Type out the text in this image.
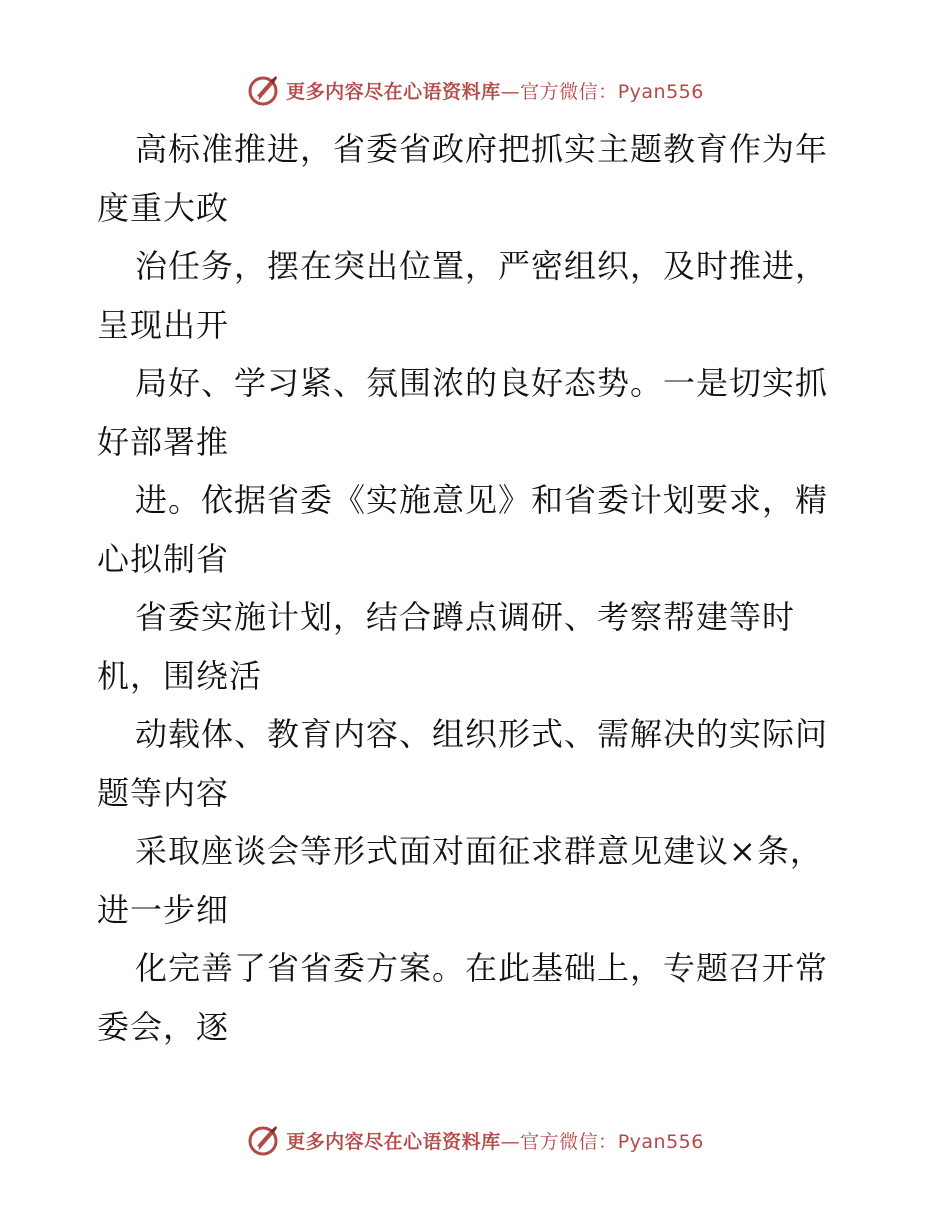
更多内容尽在心语资料库—官方微信：Pyan556
高标准推进，省委省政府把抓实主题教育作为年
度重大政
治任务，摆在突出位置，严密组织，及时推进，
呈现出开
局好、学习紧、氛围浓的良好态势。一是切实抓
好部署推
进。依据省委《实施意见》和省委计划要求，精
心拟制省
省委实施计划，结合蹲点调研、考察帮建等时
机，围绕活
动载体、教育内容、组织形式、需解决的实际问
题等内容
采取座谈会等形式面对面征求群意见建议×条，
进一步细
化完善了省省委方案。在此基础上，专题召开常
委会，逐
更多内容尽在心语资料库—官方微信：Pyan556
